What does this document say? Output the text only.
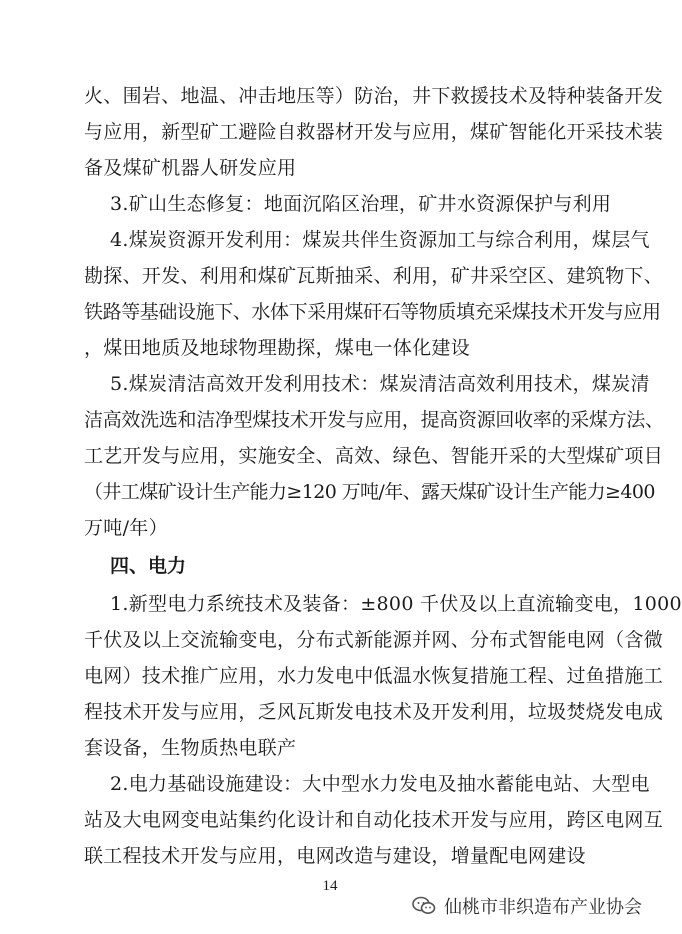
火、围岩、地温、冲击地压等）防治，井下救援技术及特种装备开发
与应用，新型矿工避险自救器材开发与应用，煤矿智能化开采技术装
备及煤矿机器人研发应用
3.矿山生态修复：地面沉陷区治理，矿井水资源保护与利用
4.煤炭资源开发利用：煤炭共伴生资源加工与综合利用，煤层气
勘探、开发、利用和煤矿瓦斯抽采、利用，矿井采空区、建筑物下、
铁路等基础设施下、水体下采用煤矸石等物质填充采煤技术开发与应用
，煤田地质及地球物理勘探，煤电一体化建设
5.煤炭清洁高效开发利用技术：煤炭清洁高效利用技术，煤炭清
洁高效洗选和洁净型煤技术开发与应用，提高资源回收率的采煤方法、
工艺开发与应用，实施安全、高效、绿色、智能开采的大型煤矿项目
（井工煤矿设计生产能力≥120 万吨/年、露天煤矿设计生产能力≥400
万吨/年）
四、电力
1.新型电力系统技术及装备：±800 千伏及以上直流输变电，1000
千伏及以上交流输变电，分布式新能源并网、分布式智能电网（含微
电网）技术推广应用，水力发电中低温水恢复措施工程、过鱼措施工
程技术开发与应用，乏风瓦斯发电技术及开发利用，垃圾焚烧发电成
套设备，生物质热电联产
2.电力基础设施建设：大中型水力发电及抽水蓄能电站、大型电
站及大电网变电站集约化设计和自动化技术开发与应用，跨区电网互
联工程技术开发与应用，电网改造与建设，增量配电网建设
14
仙桃市非织造布产业协会
